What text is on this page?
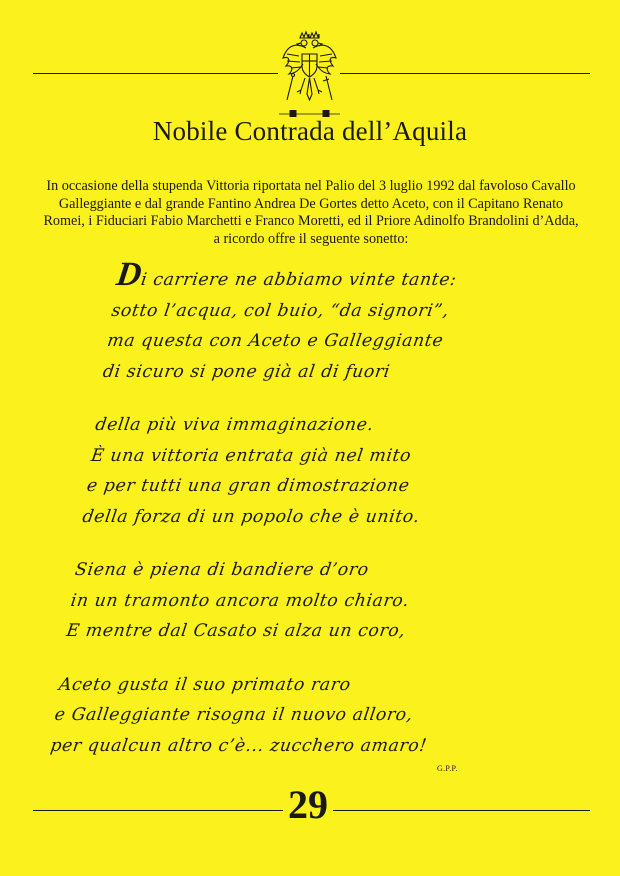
Nobile Contrada dell’Aquila
In occasione della stupenda Vittoria riportata nel Palio del 3 luglio 1992 dal favoloso Cavallo
Galleggiante e dal grande Fantino Andrea De Gortes detto Aceto, con il Capitano Renato
Romei, i Fiduciari Fabio Marchetti e Franco Moretti, ed il Priore Adinolfo Brandolini d’Adda,
a ricordo offre il seguente sonetto:
Di carriere ne abbiamo vinte tante:
sotto l’acqua, col buio, “da signori”,
ma questa con Aceto e Galleggiante
di sicuro si pone già al di fuori
della più viva immaginazione.
È una vittoria entrata già nel mito
e per tutti una gran dimostrazione
della forza di un popolo che è unito.
Siena è piena di bandiere d’oro
in un tramonto ancora molto chiaro.
E mentre dal Casato si alza un coro,
Aceto gusta il suo primato raro
e Galleggiante risogna il nuovo alloro,
per qualcun altro c’è... zucchero amaro!
G.P.P.
29
